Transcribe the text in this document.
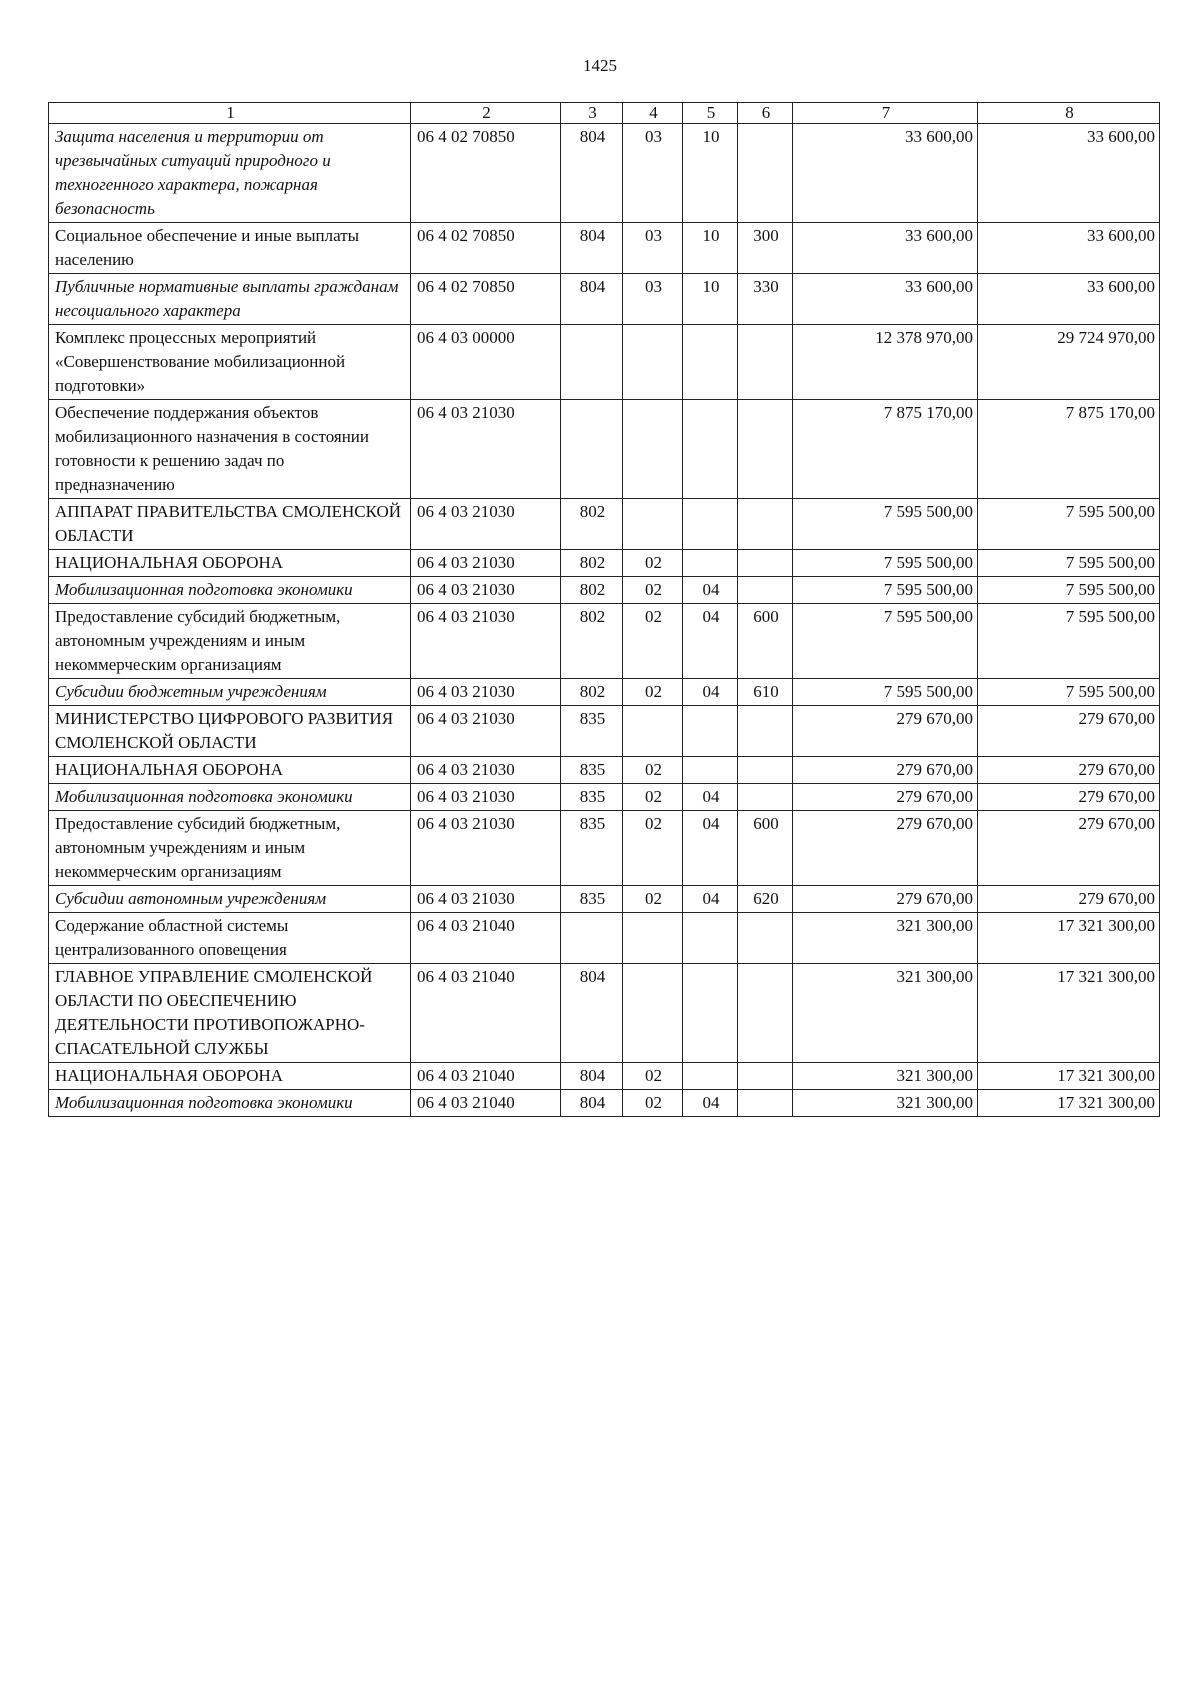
1425
1	2	3	4	5	6	7	8
Защита населения и территории от чрезвычайных ситуаций природного и техногенного характера, пожарная безопасность	06 4 02 70850	804	03	10		33 600,00	33 600,00
Социальное обеспечение и иные выплаты населению	06 4 02 70850	804	03	10	300	33 600,00	33 600,00
Публичные нормативные выплаты гражданам несоциального характера	06 4 02 70850	804	03	10	330	33 600,00	33 600,00
Комплекс процессных мероприятий «Совершенствование мобилизационной подготовки»	06 4 03 00000					12 378 970,00	29 724 970,00
Обеспечение поддержания объектов мобилизационного назначения в состоянии готовности к решению задач по предназначению	06 4 03 21030					7 875 170,00	7 875 170,00
АППАРАТ ПРАВИТЕЛЬСТВА СМОЛЕНСКОЙ ОБЛАСТИ	06 4 03 21030	802				7 595 500,00	7 595 500,00
НАЦИОНАЛЬНАЯ ОБОРОНА	06 4 03 21030	802	02			7 595 500,00	7 595 500,00
Мобилизационная подготовка экономики	06 4 03 21030	802	02	04		7 595 500,00	7 595 500,00
Предоставление субсидий бюджетным, автономным учреждениям и иным некоммерческим организациям	06 4 03 21030	802	02	04	600	7 595 500,00	7 595 500,00
Субсидии бюджетным учреждениям	06 4 03 21030	802	02	04	610	7 595 500,00	7 595 500,00
МИНИСТЕРСТВО ЦИФРОВОГО РАЗВИТИЯ СМОЛЕНСКОЙ ОБЛАСТИ	06 4 03 21030	835				279 670,00	279 670,00
НАЦИОНАЛЬНАЯ ОБОРОНА	06 4 03 21030	835	02			279 670,00	279 670,00
Мобилизационная подготовка экономики	06 4 03 21030	835	02	04		279 670,00	279 670,00
Предоставление субсидий бюджетным, автономным учреждениям и иным некоммерческим организациям	06 4 03 21030	835	02	04	600	279 670,00	279 670,00
Субсидии автономным учреждениям	06 4 03 21030	835	02	04	620	279 670,00	279 670,00
Содержание областной системы централизованного оповещения	06 4 03 21040					321 300,00	17 321 300,00
ГЛАВНОЕ УПРАВЛЕНИЕ СМОЛЕНСКОЙ ОБЛАСТИ ПО ОБЕСПЕЧЕНИЮ ДЕЯТЕЛЬНОСТИ ПРОТИВОПОЖАРНО-СПАСАТЕЛЬНОЙ СЛУЖБЫ	06 4 03 21040	804				321 300,00	17 321 300,00
НАЦИОНАЛЬНАЯ ОБОРОНА	06 4 03 21040	804	02			321 300,00	17 321 300,00
Мобилизационная подготовка экономики	06 4 03 21040	804	02	04		321 300,00	17 321 300,00
